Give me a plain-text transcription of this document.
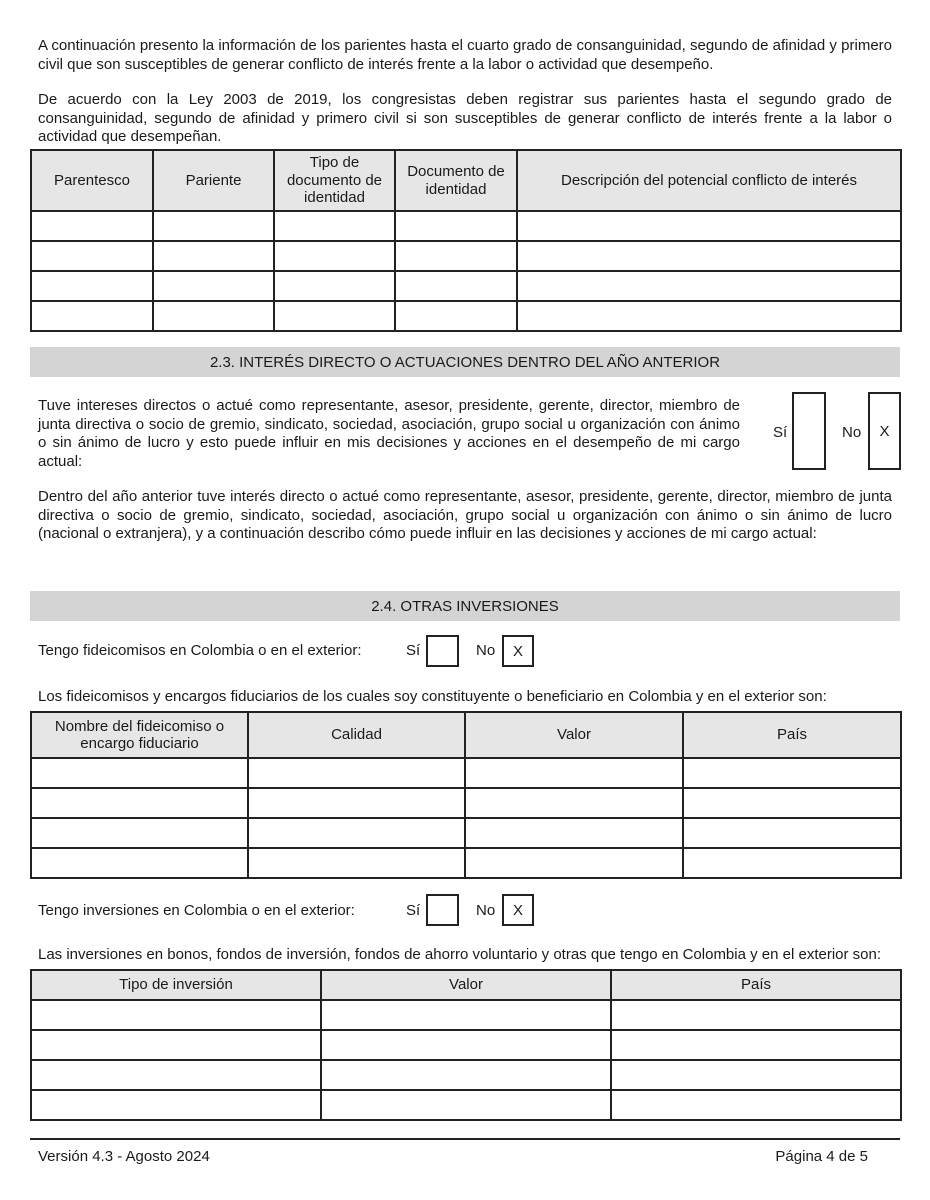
A continuación presento la información de los parientes hasta el cuarto grado de consanguinidad, segundo de afinidad y primero civil que son susceptibles de generar conflicto de interés frente a la labor o actividad que desempeño.
De acuerdo con la Ley 2003 de 2019, los congresistas deben registrar sus parientes hasta el segundo grado de consanguinidad, segundo de afinidad y primero civil si son susceptibles de generar conflicto de interés frente a la labor o actividad que desempeñan.
Parentesco	Pariente	Tipo de documento de identidad	Documento de identidad	Descripción del potencial conflicto de interés

2.3. INTERÉS DIRECTO O ACTUACIONES DENTRO DEL AÑO ANTERIOR
Tuve intereses directos o actué como representante, asesor, presidente, gerente, director, miembro de junta directiva o socio de gremio, sindicato, sociedad, asociación, grupo social u organización con ánimo o sin ánimo de lucro y esto puede influir en mis decisiones y acciones en el desempeño de mi cargo actual:
Sí	No	X
Dentro del año anterior tuve interés directo o actué como representante, asesor, presidente, gerente, director, miembro de junta directiva o socio de gremio, sindicato, sociedad, asociación, grupo social u organización con ánimo o sin ánimo de lucro (nacional o extranjera), y a continuación describo cómo puede influir en las decisiones y acciones de mi cargo actual:
2.4. OTRAS INVERSIONES
Tengo fideicomisos en Colombia o en el exterior:	Sí	No	X
Los fideicomisos y encargos fiduciarios de los cuales soy constituyente o beneficiario en Colombia y en el exterior son:
Nombre del fideicomiso o encargo fiduciario	Calidad	Valor	País

Tengo inversiones en Colombia o en el exterior:	Sí	No	X
Las inversiones en bonos, fondos de inversión, fondos de ahorro voluntario y otras que tengo en Colombia y en el exterior son:
Tipo de inversión	Valor	País

Versión 4.3 - Agosto 2024	Página 4 de 5
